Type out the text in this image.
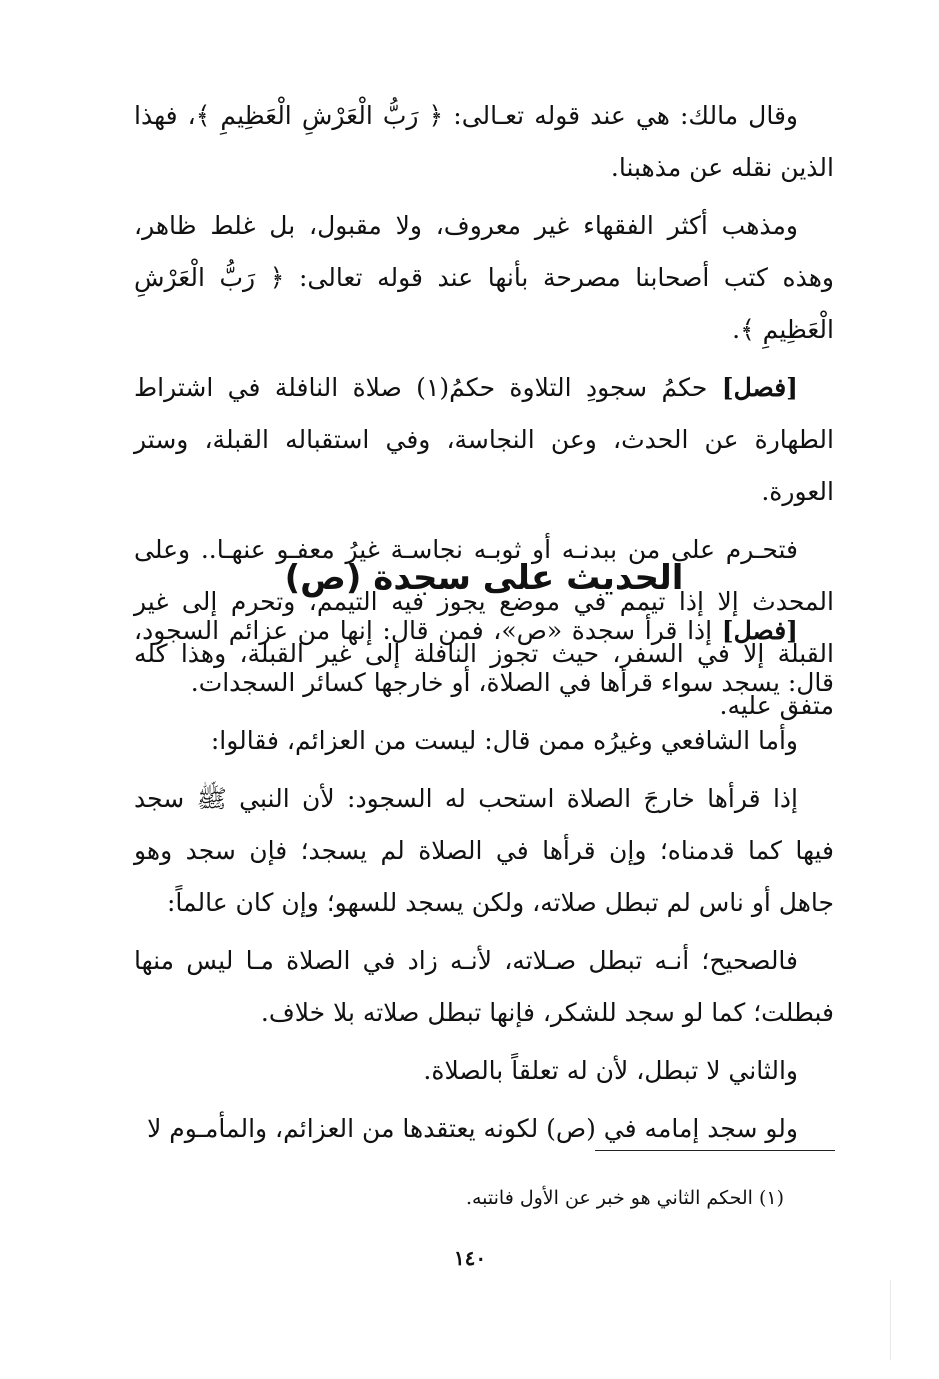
وقال مالك: هي عند قوله تعـالى: ﴿ رَبُّ الْعَرْشِ الْعَظِيمِ ﴾، فهذا الذين نقله عن مذهبنا.

ومذهب أكثر الفقهاء غير معروف، ولا مقبول، بل غلط ظاهر، وهذه كتب أصحابنا مصرحة بأنها عند قوله تعالى: ﴿ رَبُّ الْعَرْشِ الْعَظِيمِ ﴾.

[فصل] حكمُ سجودِ التلاوة حكمُ(١) صلاة النافلة في اشتراط الطهارة عن الحدث، وعن النجاسة، وفي استقباله القبلة، وستر العورة.

فتحـرم على من ببدنـه أو ثوبـه نجاسـة غيرُ معفـو عنهـا.. وعلى المحدث إلا إذا تيمم في موضع يجوز فيه التيمم، وتحرم إلى غير القبلة إلا في السفر، حيث تجوز النافلة إلى غير القبلة، وهذا كله متفق عليه.

الحديث على سجدة (ص)

[فصل] إذا قرأ سجدة «ص»، فمن قال: إنها من عزائم السجود، قال: يسجد سواء قرأها في الصلاة، أو خارجها كسائر السجدات.

وأما الشافعي وغيرُه ممن قال: ليست من العزائم، فقالوا:

إذا قرأها خارجَ الصلاة استحب له السجود: لأن النبي ﷺ سجد فيها كما قدمناه؛ وإن قرأها في الصلاة لم يسجد؛ فإن سجد وهو جاهل أو ناس لم تبطل صلاته، ولكن يسجد للسهو؛ وإن كان عالماً:

فالصحيح؛ أنـه تبطل صـلاته، لأنـه زاد في الصلاة مـا ليس منها فبطلت؛ كما لو سجد للشكر، فإنها تبطل صلاته بلا خلاف.

والثاني لا تبطل، لأن له تعلقاً بالصلاة.

ولو سجد إمامه في (ص) لكونه يعتقدها من العزائم، والمأمـوم لا

(١) الحكم الثاني هو خبر عن الأول فانتبه.
١٤٠
